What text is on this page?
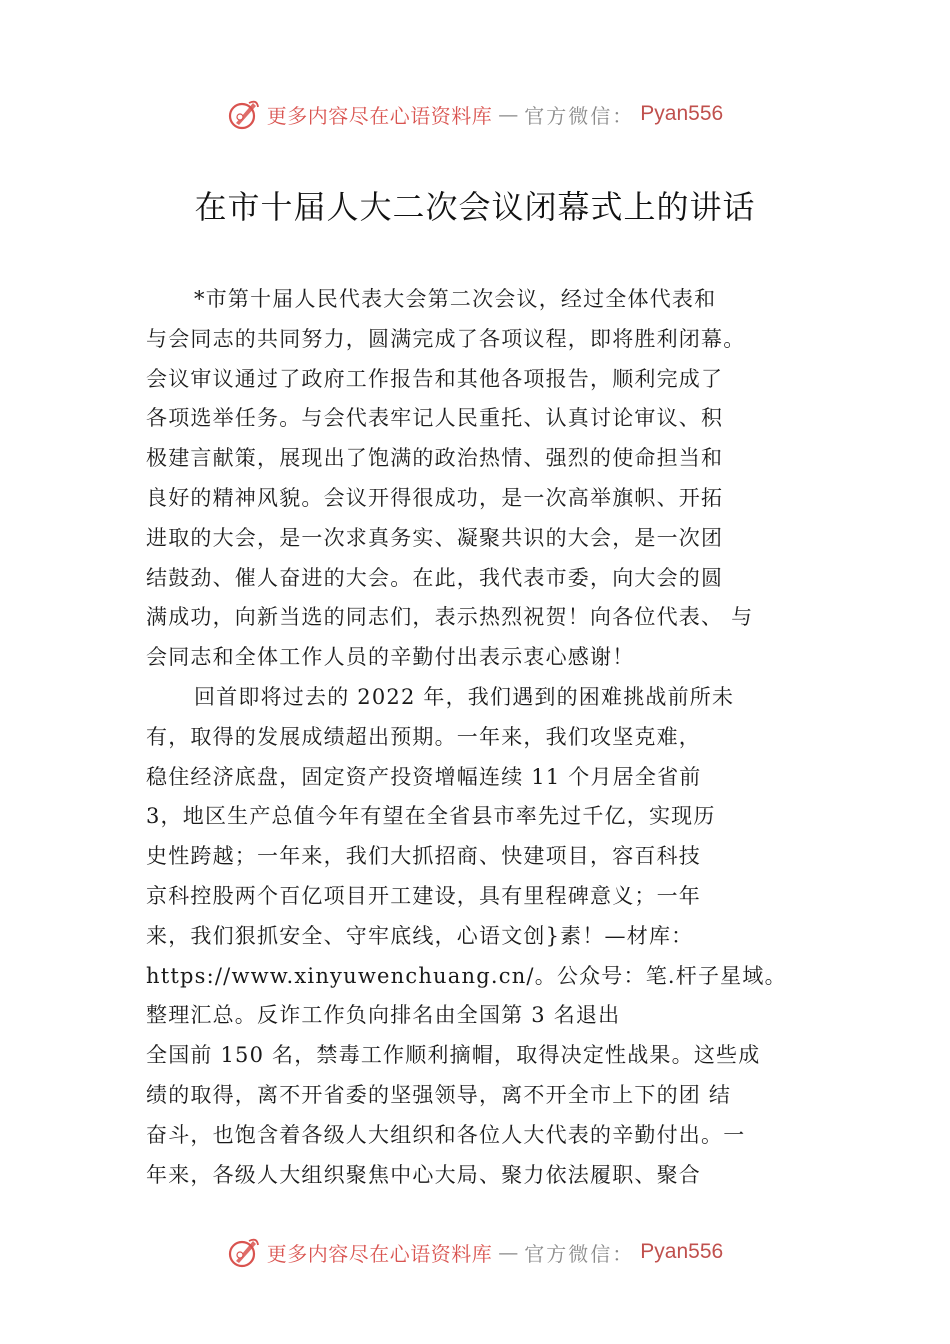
更多内容尽在心语资料库 — 官方微信： Pyan556
在市十届人大二次会议闭幕式上的讲话
*市第十届人民代表大会第二次会议，经过全体代表和
与会同志的共同努力，圆满完成了各项议程，即将胜利闭幕。
会议审议通过了政府工作报告和其他各项报告，顺利完成了
各项选举任务。与会代表牢记人民重托、认真讨论审议、积
极建言献策，展现出了饱满的政治热情、强烈的使命担当和
良好的精神风貌。会议开得很成功，是一次高举旗帜、开拓
进取的大会，是一次求真务实、凝聚共识的大会，是一次团
结鼓劲、催人奋进的大会。在此，我代表市委，向大会的圆
满成功，向新当选的同志们，表示热烈祝贺！向各位代表、 与
会同志和全体工作人员的辛勤付出表示衷心感谢！
回首即将过去的 2022 年，我们遇到的困难挑战前所未
有，取得的发展成绩超出预期。一年来，我们攻坚克难，
稳住经济底盘，固定资产投资增幅连续 11 个月居全省前
3，地区生产总值今年有望在全省县市率先过千亿，实现历
史性跨越；一年来，我们大抓招商、快建项目，容百科技
京科控股两个百亿项目开工建设，具有里程碑意义；一年
来，我们狠抓安全、守牢底线，心语文创}素！—材库：
https://www.xinyuwenchuang.cn/。公众号：笔.杆子星域。
整理汇总。反诈工作负向排名由全国第 3 名退出
全国前 150 名，禁毒工作顺利摘帽，取得决定性战果。这些成
绩的取得，离不开省委的坚强领导，离不开全市上下的团 结
奋斗，也饱含着各级人大组织和各位人大代表的辛勤付出。一
年来，各级人大组织聚焦中心大局、聚力依法履职、聚合
更多内容尽在心语资料库 — 官方微信： Pyan556
